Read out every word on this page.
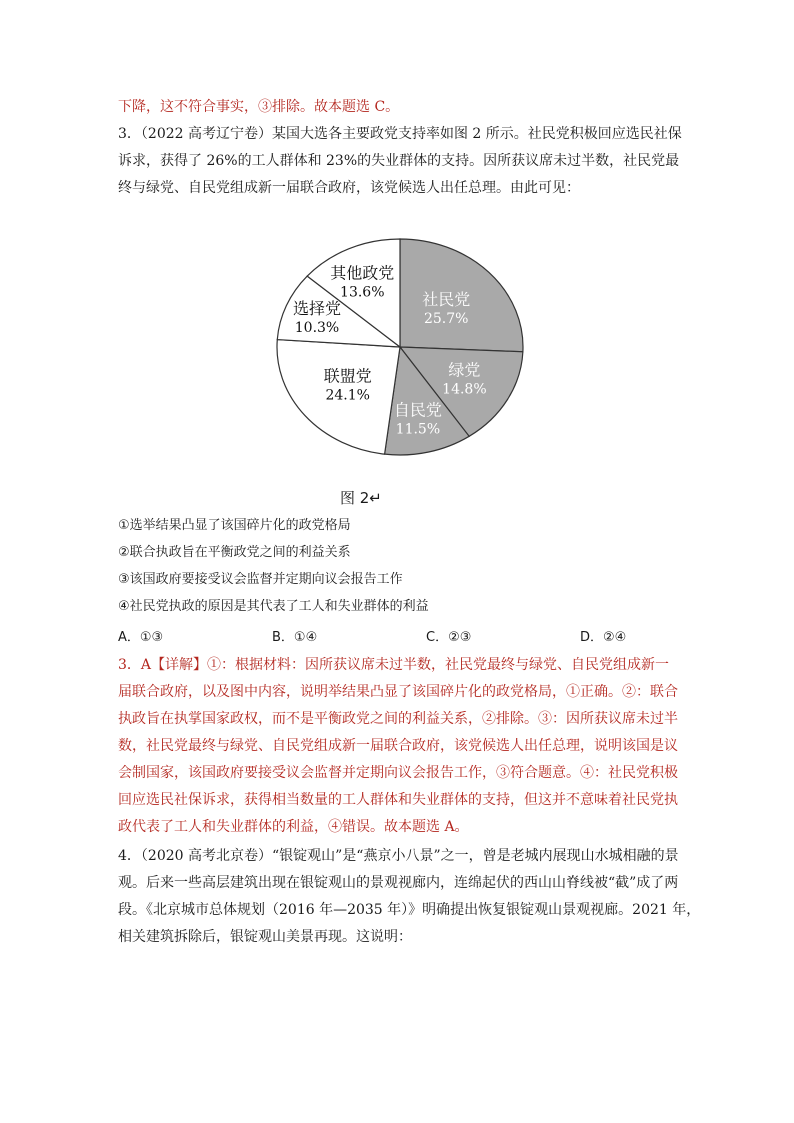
下降，这不符合事实，③排除。故本题选 C。

3．（2022 高考辽宁卷）某国大选各主要政党支持率如图 2 所示。社民党积极回应选民社保
诉求，获得了 26%的工人群体和 23%的失业群体的支持。因所获议席未过半数，社民党最
终与绿党、自民党组成新一届联合政府，该党候选人出任总理。由此可见：

社民党
25.7%
绿党
14.8%
自民党
11.5%
联盟党
24.1%
选择党
10.3%
其他政党
13.6%
图 2↵
①选举结果凸显了该国碎片化的政党格局
②联合执政旨在平衡政党之间的利益关系
③该国政府要接受议会监督并定期向议会报告工作
④社民党执政的原因是其代表了工人和失业群体的利益
A．①③	B．①④	C．②③	D．②④

3．A【详解】①：根据材料：因所获议席未过半数，社民党最终与绿党、自民党组成新一
届联合政府，以及图中内容，说明举结果凸显了该国碎片化的政党格局，①正确。②：联合
执政旨在执掌国家政权，而不是平衡政党之间的利益关系，②排除。③：因所获议席未过半
数，社民党最终与绿党、自民党组成新一届联合政府，该党候选人出任总理，说明该国是议
会制国家，该国政府要接受议会监督并定期向议会报告工作，③符合题意。④：社民党积极
回应选民社保诉求，获得相当数量的工人群体和失业群体的支持，但这并不意味着社民党执
政代表了工人和失业群体的利益，④错误。故本题选 A。

4．（2020 高考北京卷）“银锭观山”是“燕京小八景”之一，曾是老城内展现山水城相融的景
观。后来一些高层建筑出现在银锭观山的景观视廊内，连绵起伏的西山山脊线被“截”成了两
段。《北京城市总体规划（2016 年—2035 年）》明确提出恢复银锭观山景观视廊。2021 年，
相关建筑拆除后，银锭观山美景再现。这说明：
